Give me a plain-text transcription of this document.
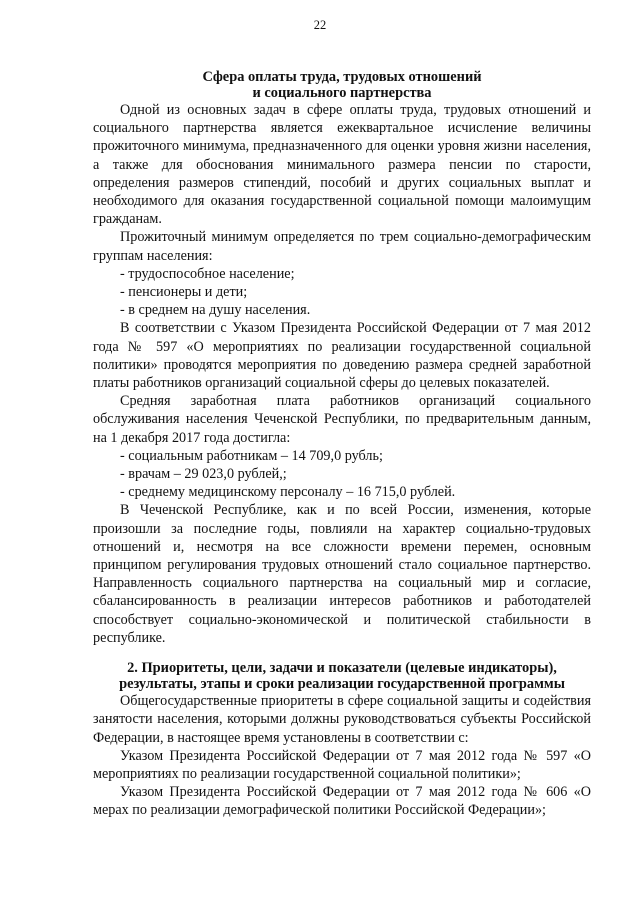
22
Сфера оплаты труда, трудовых отношений
и социального партнерства

Одной из основных задач в сфере оплаты труда, трудовых отношений и социального партнерства является ежеквартальное исчисление величины прожиточного минимума, предназначенного для оценки уровня жизни населения, а также для обоснования минимального размера пенсии по старости, определения размеров стипендий, пособий и других социальных выплат и необходимого для оказания государственной социальной помощи малоимущим гражданам.

Прожиточный минимум определяется по трем социально-демографическим группам населения:

- трудоспособное население;

- пенсионеры и дети;

- в среднем на душу населения.

В соответствии с Указом Президента Российской Федерации от 7 мая 2012 года № 597 «О мероприятиях по реализации государственной социальной политики» проводятся мероприятия по доведению размера средней заработной платы работников организаций социальной сферы до целевых показателей.

Средняя заработная плата работников организаций социального обслуживания населения Чеченской Республики, по предварительным данным, на 1 декабря 2017 года достигла:

- социальным работникам – 14 709,0 рубль;

- врачам – 29 023,0 рублей,;

- среднему медицинскому персоналу – 16 715,0 рублей.

В Чеченской Республике, как и по всей России, изменения, которые произошли за последние годы, повлияли на характер социально-трудовых отношений и, несмотря на все сложности времени перемен, основным принципом регулирования трудовых отношений стало социальное партнерство. Направленность социального партнерства на социальный мир и согласие, сбалансированность в реализации интересов работников и работодателей способствует социально-экономической и политической стабильности в республике.

2. Приоритеты, цели, задачи и показатели (целевые индикаторы),
результаты, этапы и сроки реализации государственной программы

Общегосударственные приоритеты в сфере социальной защиты и содействия занятости населения, которыми должны руководствоваться субъекты Российской Федерации, в настоящее время установлены в соответствии с:

Указом Президента Российской Федерации от 7 мая 2012 года № 597 «О мероприятиях по реализации государственной социальной политики»;

Указом Президента Российской Федерации от 7 мая 2012 года № 606 «О мерах по реализации демографической политики Российской Федерации»;
